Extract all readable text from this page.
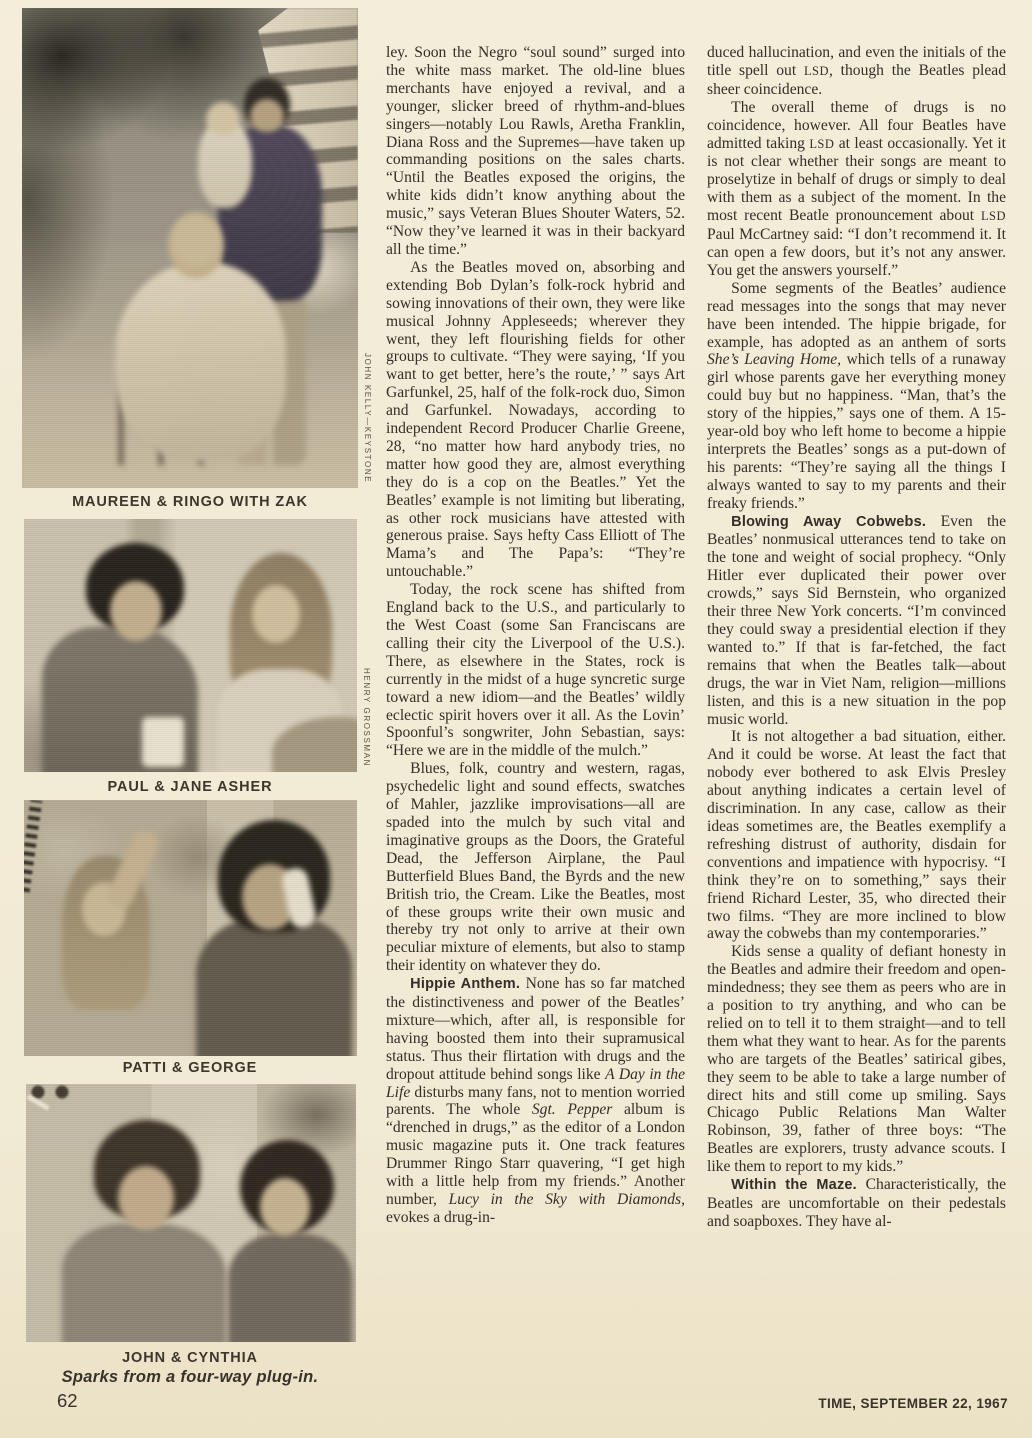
JOHN KELLY—KEYSTONE
MAUREEN & RINGO WITH ZAK
HENRY GROSSMAN
PAUL & JANE ASHER
PATTI & GEORGE
JOHN & CYNTHIA
Sparks from a four-way plug-in.

ley. Soon the Negro “soul sound” surged into the white mass market. The old-line blues merchants have enjoyed a revival, and a younger, slicker breed of rhythm-and-blues singers—notably Lou Rawls, Aretha Franklin, Diana Ross and the Supremes—have taken up commanding positions on the sales charts. “Until the Beatles exposed the origins, the white kids didn’t know anything about the music,” says Veteran Blues Shouter Waters, 52. “Now they’ve learned it was in their backyard all the time.”

As the Beatles moved on, absorbing and extending Bob Dylan’s folk-rock hybrid and sowing innovations of their own, they were like musical Johnny Appleseeds; wherever they went, they left flourishing fields for other groups to cultivate. “They were saying, ‘If you want to get better, here’s the route,’ ” says Art Garfunkel, 25, half of the folk-rock duo, Simon and Garfunkel. Nowadays, according to independent Record Producer Charlie Greene, 28, “no matter how hard anybody tries, no matter how good they are, almost everything they do is a cop on the Beatles.” Yet the Beatles’ example is not limiting but liberating, as other rock musicians have attested with generous praise. Says hefty Cass Elliott of The Mama’s and The Papa’s: “They’re untouchable.”

Today, the rock scene has shifted from England back to the U.S., and particularly to the West Coast (some San Franciscans are calling their city the Liverpool of the U.S.). There, as elsewhere in the States, rock is currently in the midst of a huge syncretic surge toward a new idiom—and the Beatles’ wildly eclectic spirit hovers over it all. As the Lovin’ Spoonful’s songwriter, John Sebastian, says: “Here we are in the middle of the mulch.”

Blues, folk, country and western, ragas, psychedelic light and sound effects, swatches of Mahler, jazzlike improvisations—all are spaded into the mulch by such vital and imaginative groups as the Doors, the Grateful Dead, the Jefferson Airplane, the Paul Butterfield Blues Band, the Byrds and the new British trio, the Cream. Like the Beatles, most of these groups write their own music and thereby try not only to arrive at their own peculiar mixture of elements, but also to stamp their identity on whatever they do.

Hippie Anthem. None has so far matched the distinctiveness and power of the Beatles’ mixture—which, after all, is responsible for having boosted them into their supramusical status. Thus their flirtation with drugs and the dropout attitude behind songs like A Day in the Life disturbs many fans, not to mention worried parents. The whole Sgt. Pepper album is “drenched in drugs,” as the editor of a London music magazine puts it. One track features Drummer Ringo Starr quavering, “I get high with a little help from my friends.” Another number, Lucy in the Sky with Diamonds, evokes a drug-in-

duced hallucination, and even the initials of the title spell out LSD, though the Beatles plead sheer coincidence.

The overall theme of drugs is no coincidence, however. All four Beatles have admitted taking LSD at least occasionally. Yet it is not clear whether their songs are meant to proselytize in behalf of drugs or simply to deal with them as a subject of the moment. In the most recent Beatle pronouncement about LSD Paul McCartney said: “I don’t recommend it. It can open a few doors, but it’s not any answer. You get the answers yourself.”

Some segments of the Beatles’ audience read messages into the songs that may never have been intended. The hippie brigade, for example, has adopted as an anthem of sorts She’s Leaving Home, which tells of a runaway girl whose parents gave her everything money could buy but no happiness. “Man, that’s the story of the hippies,” says one of them. A 15-year-old boy who left home to become a hippie interprets the Beatles’ songs as a put-down of his parents: “They’re saying all the things I always wanted to say to my parents and their freaky friends.”

Blowing Away Cobwebs. Even the Beatles’ nonmusical utterances tend to take on the tone and weight of social prophecy. “Only Hitler ever duplicated their power over crowds,” says Sid Bernstein, who organized their three New York concerts. “I’m convinced they could sway a presidential election if they wanted to.” If that is far-fetched, the fact remains that when the Beatles talk—about drugs, the war in Viet Nam, religion—millions listen, and this is a new situation in the pop music world.

It is not altogether a bad situation, either. And it could be worse. At least the fact that nobody ever bothered to ask Elvis Presley about anything indicates a certain level of discrimination. In any case, callow as their ideas sometimes are, the Beatles exemplify a refreshing distrust of authority, disdain for conventions and impatience with hypocrisy. “I think they’re on to something,” says their friend Richard Lester, 35, who directed their two films. “They are more inclined to blow away the cobwebs than my contemporaries.”

Kids sense a quality of defiant honesty in the Beatles and admire their freedom and open-mindedness; they see them as peers who are in a position to try anything, and who can be relied on to tell it to them straight—and to tell them what they want to hear. As for the parents who are targets of the Beatles’ satirical gibes, they seem to be able to take a large number of direct hits and still come up smiling. Says Chicago Public Relations Man Walter Robinson, 39, father of three boys: “The Beatles are explorers, trusty advance scouts. I like them to report to my kids.”

Within the Maze. Characteristically, the Beatles are uncomfortable on their pedestals and soapboxes. They have al-

62	TIME, SEPTEMBER 22, 1967
